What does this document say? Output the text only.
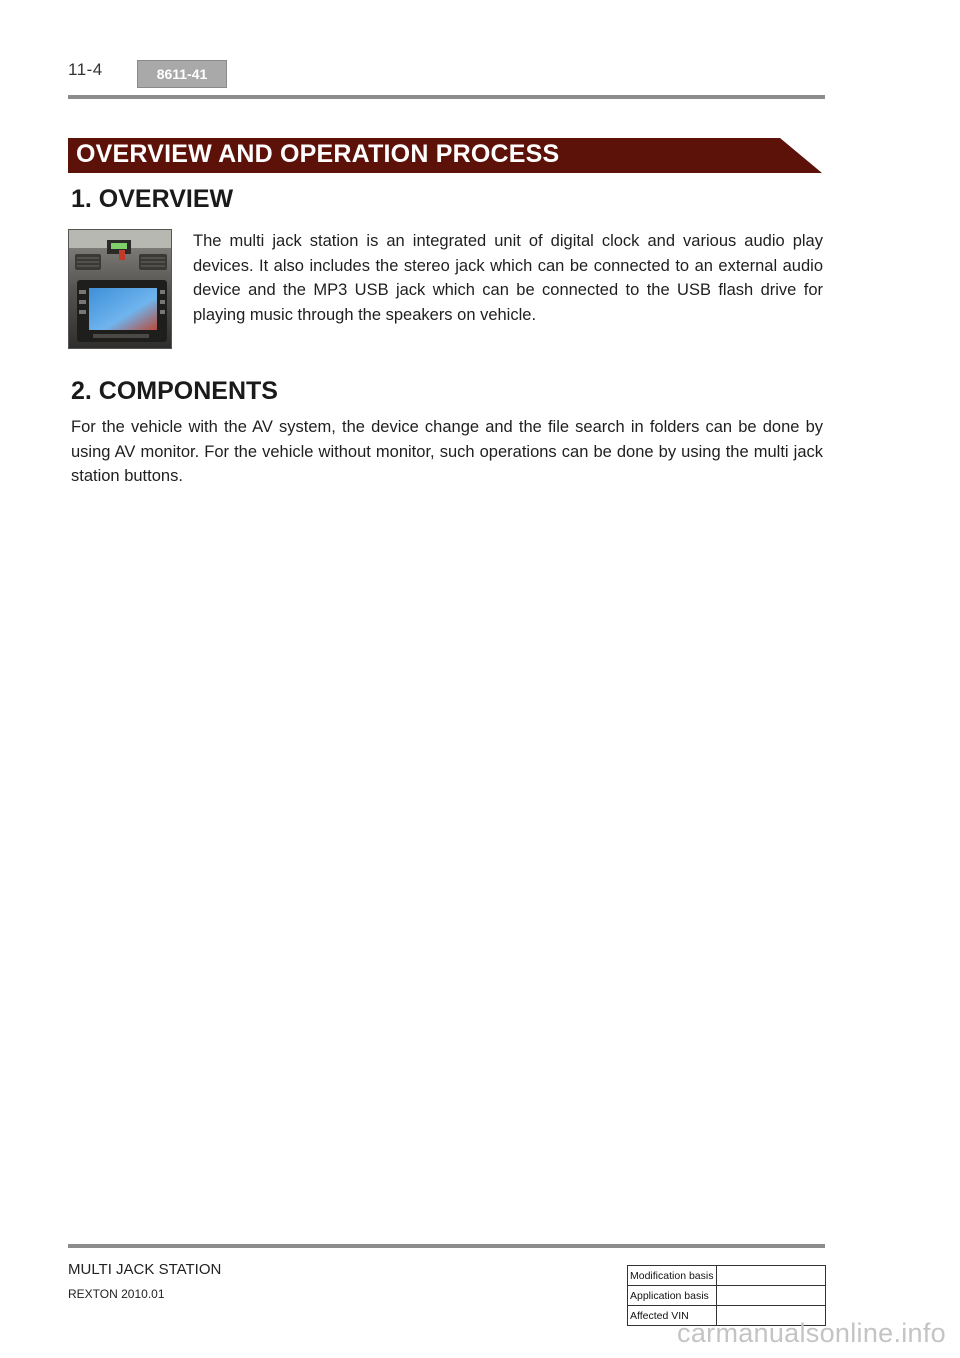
11-4	8611-41
OVERVIEW AND OPERATION PROCESS
1. OVERVIEW

The multi jack station is an integrated unit of digital clock and various audio play devices. It also includes the stereo jack which can be connected to an external audio device and the MP3 USB jack which can be connected to the USB flash drive for playing music through the speakers on vehicle.

2. COMPONENTS

For the vehicle with the AV system, the device change and the file search in folders can be done by using AV monitor. For the vehicle without monitor, such operations can be done by using the multi jack station buttons.

MULTI JACK STATION
REXTON 2010.01
Modification basis	
Application basis	
Affected VIN	
carmanualsonline.info
